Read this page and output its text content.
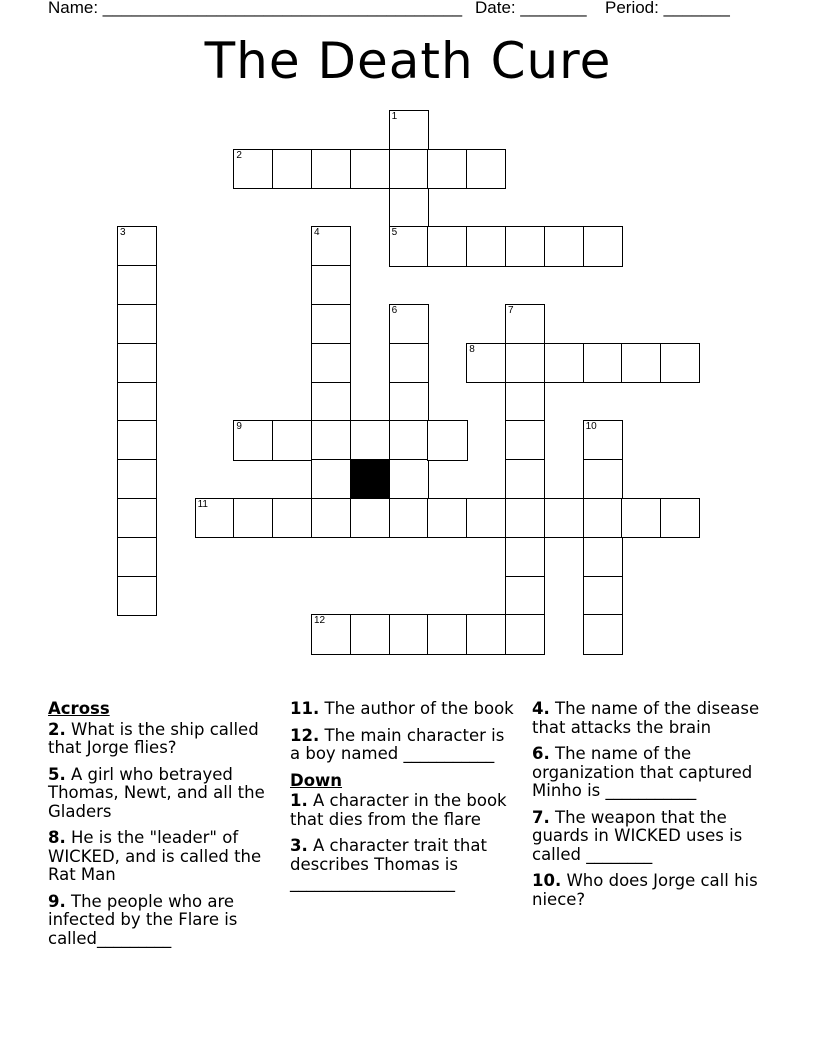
Name: ______________________________________ Date: _______ Period: _______
The Death Cure
1
5
2
3	4
6	7
8
9	10
11
12
Across
2. What is the ship called that Jorge flies?
5. A girl who betrayed Thomas, Newt, and all the Gladers
8. He is the "leader" of WICKED, and is called the Rat Man
9. The people who are infected by the Flare is called_________
11. The author of the book
12. The main character is a boy named ___________
Down
1. A character in the book that dies from the flare
3. A character trait that describes Thomas is ____________________
4. The name of the disease that attacks the brain
6. The name of the organization that captured Minho is ___________
7. The weapon that the guards in WICKED uses is called ________
10. Who does Jorge call his niece?
